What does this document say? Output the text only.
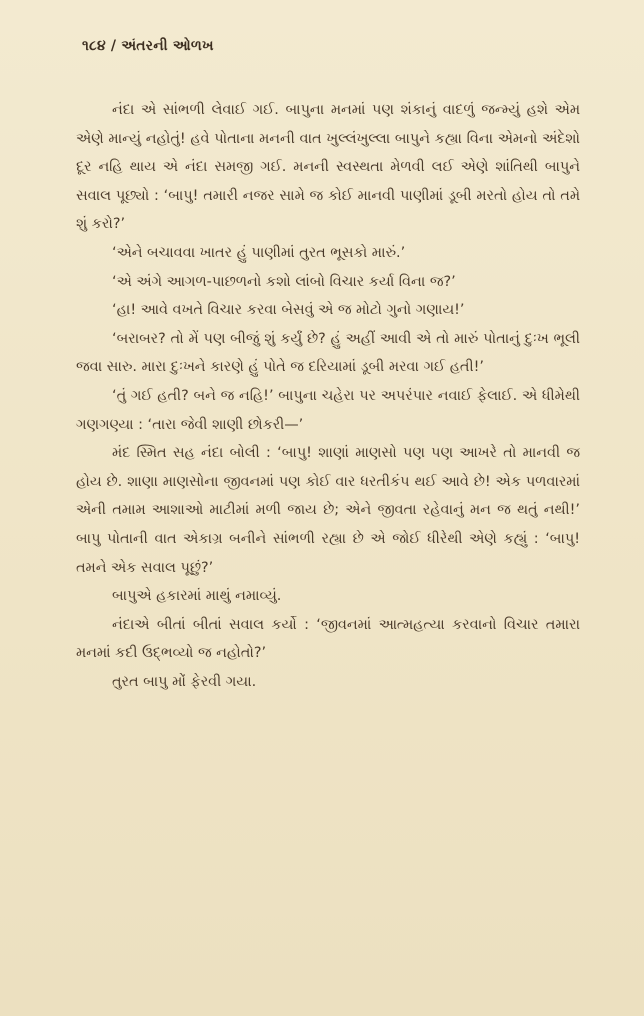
૧૮૪ / અંતરની ઓળખ

નંદા એ સાંભળી લેવાઈ ગઈ. બાપુના મનમાં પણ શંકાનું વાદળું જન્મ્યું હશે એમ એણે માન્યું નહોતું! હવે પોતાના મનની વાત ખુલ્લંખુલ્લા બાપુને કહ્યા વિના એમનો અંદેશો દૂર નહિ થાય એ નંદા સમજી ગઈ. મનની સ્વસ્થતા મેળવી લઈ એણે શાંતિથી બાપુને સવાલ પૂછ્યો : ‘બાપુ! તમારી નજર સામે જ કોઈ માનવી પાણીમાં ડૂબી મરતો હોય તો તમે શું કરો?’

‘એને બચાવવા ખાતર હું પાણીમાં તુરત ભૂસકો મારું.’

‘એ અંગે આગળ-પાછળનો કશો લાંબો વિચાર કર્યા વિના જ?’

‘હા! આવે વખતે વિચાર કરવા બેસવું એ જ મોટો ગુનો ગણાય!’

‘બરાબર? તો મેં પણ બીજું શું કર્યું છે? હું અહીં આવી એ તો મારું પોતાનું દુઃખ ભૂલી જવા સારુ. મારા દુઃખને કારણે હું પોતે જ દરિયામાં ડૂબી મરવા ગઈ હતી!’

‘તું ગઈ હતી? બને જ નહિ!’ બાપુના ચહેરા પર અપરંપાર નવાઈ ફેલાઈ. એ ધીમેથી ગણગણ્યા : ‘તારા જેવી શાણી છોકરી—’

મંદ સ્મિત સહ નંદા બોલી : ‘બાપુ! શાણાં માણસો પણ પણ આખરે તો માનવી જ હોય છે. શાણા માણસોના જીવનમાં પણ કોઈ વાર ધરતીકંપ થઈ આવે છે! એક પળવારમાં એની તમામ આશાઓ માટીમાં મળી જાય છે; એને જીવતા રહેવાનું મન જ થતું નથી!’ બાપુ પોતાની વાત એકાગ્ર બનીને સાંભળી રહ્યા છે એ જોઈ ધીરેથી એણે કહ્યું : ‘બાપુ! તમને એક સવાલ પૂછું?’

બાપુએ હકારમાં માથું નમાવ્યું.

નંદાએ બીતાં બીતાં સવાલ કર્યો : ‘જીવનમાં આત્મહત્યા કરવાનો વિચાર તમારા મનમાં કદી ઉદ્ભવ્યો જ નહોતો?’

તુરત બાપુ મોં ફેરવી ગયા.
